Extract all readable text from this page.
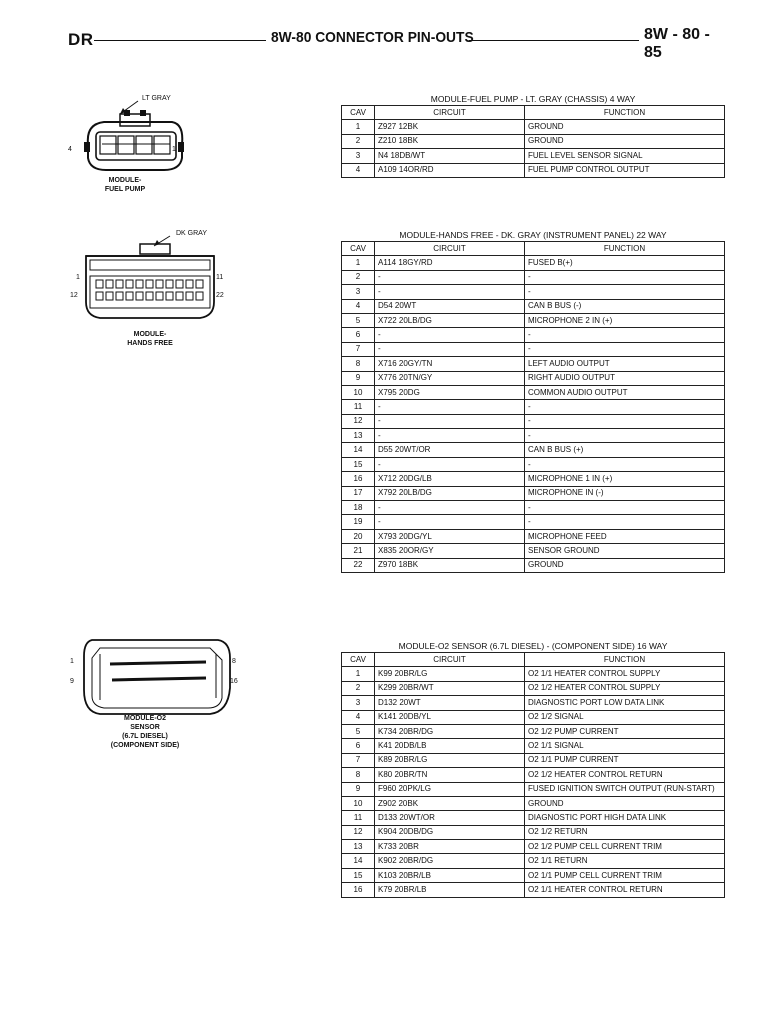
DR	8W-80 CONNECTOR PIN-OUTS	8W - 80 - 85
LT GRAY
4	1
MODULE-
FUEL PUMP
DK GRAY
1	11
12	22
MODULE-
HANDS FREE
1	8
9	16
MODULE-O2
SENSOR
(6.7L DIESEL)
(COMPONENT SIDE)
MODULE-FUEL PUMP - LT. GRAY (CHASSIS) 4 WAY
CAV	CIRCUIT	FUNCTION
1	Z927 12BK	GROUND
2	Z210 18BK	GROUND
3	N4 18DB/WT	FUEL LEVEL SENSOR SIGNAL
4	A109 14OR/RD	FUEL PUMP CONTROL OUTPUT
MODULE-HANDS FREE - DK. GRAY (INSTRUMENT PANEL) 22 WAY
CAV	CIRCUIT	FUNCTION
1	A114 18GY/RD	FUSED B(+)
2	-	-
3	-	-
4	D54 20WT	CAN B BUS (-)
5	X722 20LB/DG	MICROPHONE 2 IN (+)
6	-	-
7	-	-
8	X716 20GY/TN	LEFT AUDIO OUTPUT
9	X776 20TN/GY	RIGHT AUDIO OUTPUT
10	X795 20DG	COMMON AUDIO OUTPUT
11	-	-
12	-	-
13	-	-
14	D55 20WT/OR	CAN B BUS (+)
15	-	-
16	X712 20DG/LB	MICROPHONE 1 IN (+)
17	X792 20LB/DG	MICROPHONE IN (-)
18	-	-
19	-	-
20	X793 20DG/YL	MICROPHONE FEED
21	X835 20OR/GY	SENSOR GROUND
22	Z970 18BK	GROUND
MODULE-O2 SENSOR (6.7L DIESEL) - (COMPONENT SIDE) 16 WAY
CAV	CIRCUIT	FUNCTION
1	K99 20BR/LG	O2 1/1 HEATER CONTROL SUPPLY
2	K299 20BR/WT	O2 1/2 HEATER CONTROL SUPPLY
3	D132 20WT	DIAGNOSTIC PORT LOW DATA LINK
4	K141 20DB/YL	O2 1/2 SIGNAL
5	K734 20BR/DG	O2 1/2 PUMP CURRENT
6	K41 20DB/LB	O2 1/1 SIGNAL
7	K89 20BR/LG	O2 1/1 PUMP CURRENT
8	K80 20BR/TN	O2 1/2 HEATER CONTROL RETURN
9	F960 20PK/LG	FUSED IGNITION SWITCH OUTPUT (RUN-START)
10	Z902 20BK	GROUND
11	D133 20WT/OR	DIAGNOSTIC PORT HIGH DATA LINK
12	K904 20DB/DG	O2 1/2 RETURN
13	K733 20BR	O2 1/2 PUMP CELL CURRENT TRIM
14	K902 20BR/DG	O2 1/1 RETURN
15	K103 20BR/LB	O2 1/1 PUMP CELL CURRENT TRIM
16	K79 20BR/LB	O2 1/1 HEATER CONTROL RETURN
